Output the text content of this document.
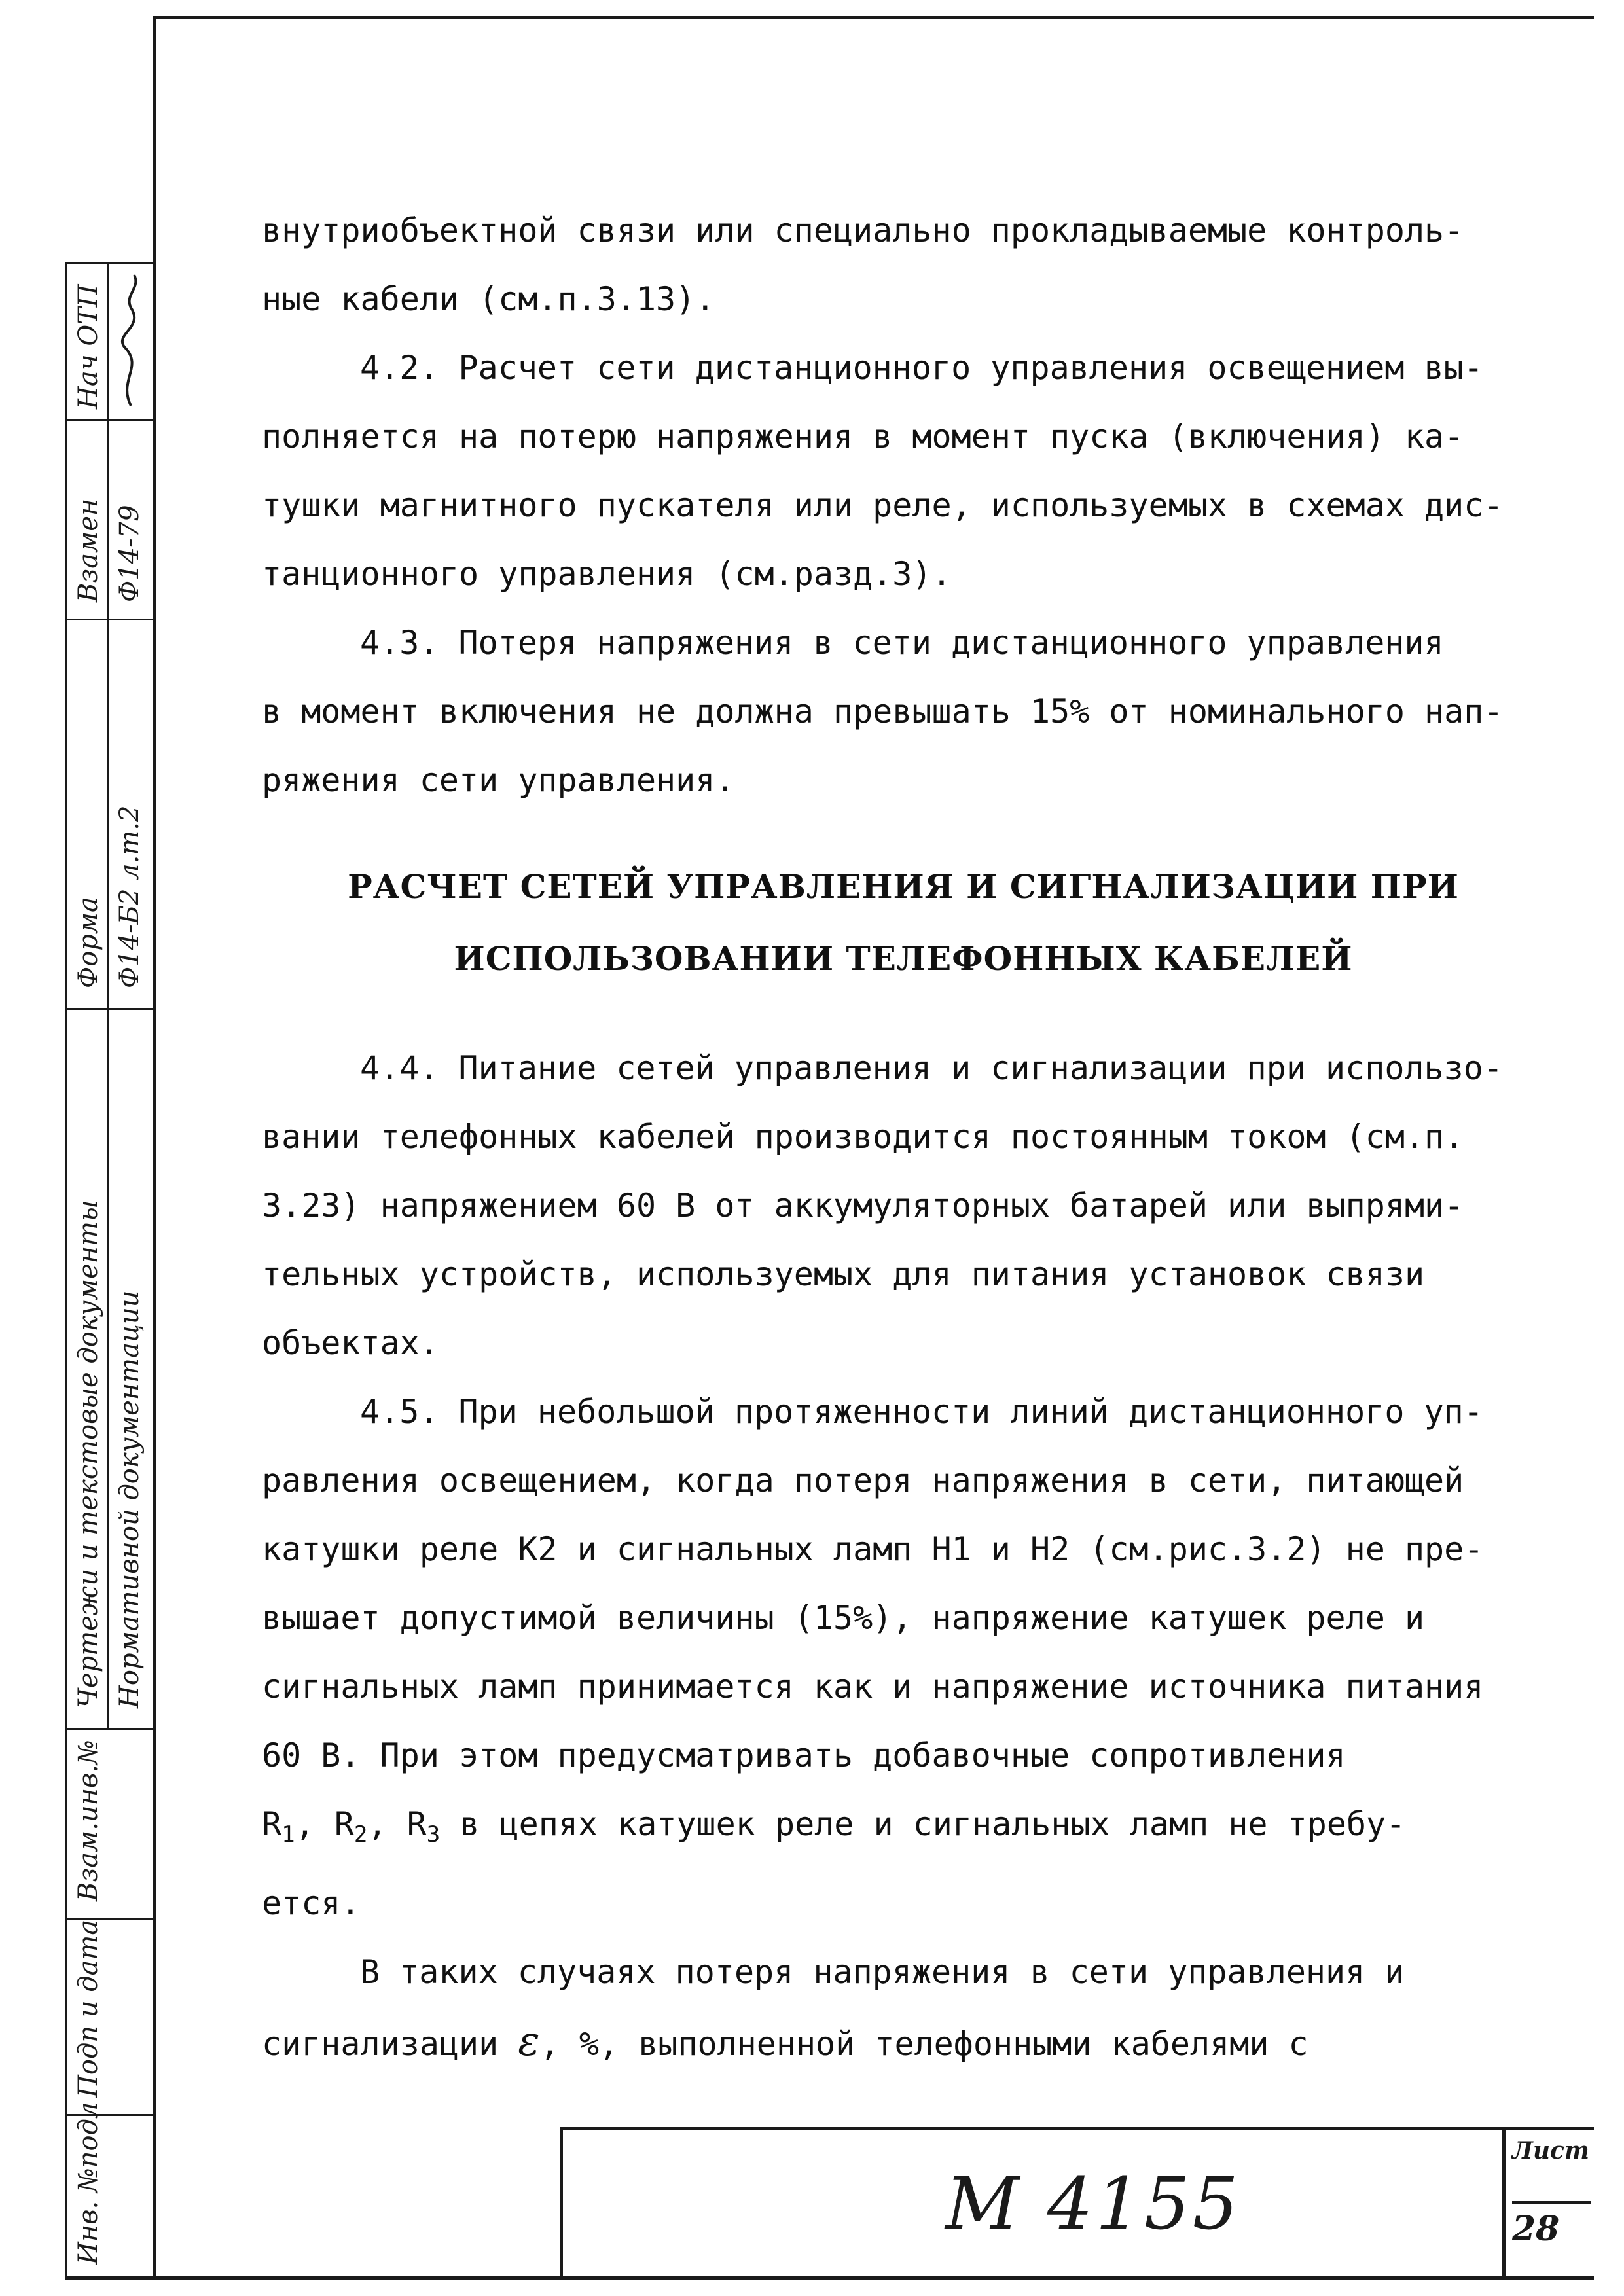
Инв. №подл
Подп и дата
Взам.инв.№
Нормативной документации
Чертежи и текстовые документы
Форма Ф14-Б2 л.т.2
Взамен Ф14-79
Нач ОТП

внутриобъектной связи или специально прокладываемые контроль-
ные кабели (см.п.3.13).

4.2. Расчет сети дистанционного управления освещением вы-
полняется на потерю напряжения в момент пуска (включения) ка-
тушки магнитного пускателя или реле, используемых в схемах дис-
танционного управления (см.разд.3).

4.3. Потеря напряжения в сети дистанционного управления
в момент включения не должна превышать 15% от номинального нап-
ряжения сети управления.

РАСЧЕТ СЕТЕЙ УПРАВЛЕНИЯ И СИГНАЛИЗАЦИИ ПРИ
ИСПОЛЬЗОВАНИИ ТЕЛЕФОННЫХ КАБЕЛЕЙ

4.4. Питание сетей управления и сигнализации при использо-
вании телефонных кабелей производится постоянным током (см.п.
3.23) напряжением 60 В от аккумуляторных батарей или выпрями-
тельных устройств, используемых для питания установок связи
объектах.

4.5. При небольшой протяженности линий дистанционного уп-
равления освещением, когда потеря напряжения в сети, питающей
катушки реле К2 и сигнальных ламп Н1 и Н2 (см.рис.3.2) не пре-
вышает допустимой величины (15%), напряжение катушек реле и
сигнальных ламп принимается как и напряжение источника питания
60 В. При этом предусматривать добавочные сопротивления
$R_1$, $R_2$, $R_3$ в цепях катушек реле и сигнальных ламп не требу-
ется.

В таких случаях потеря напряжения в сети управления и
сигнализации ε, %, выполненной телефонными кабелями с

М 4155
Лист
28
